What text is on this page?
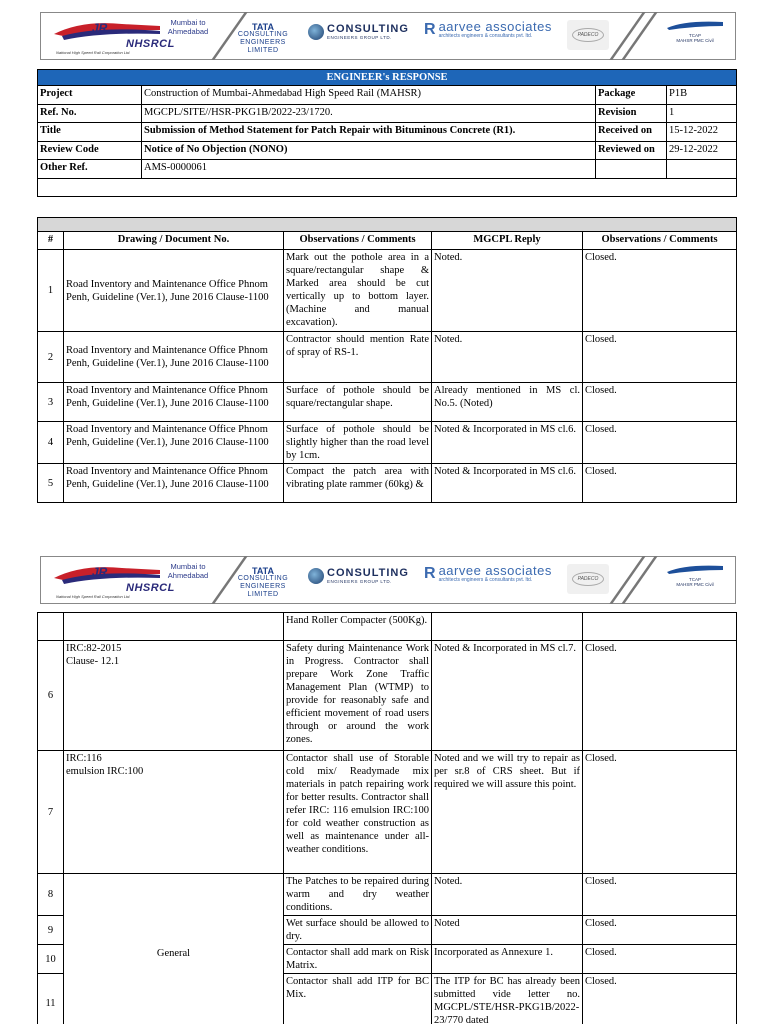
JR
NHSRCL
National High Speed Rail Corporation Ltd.
Mumbai to
Ahmedabad	TATA
CONSULTING
ENGINEERS LIMITED
CONSULTING
ENGINEERS GROUP LTD.	R aarvee associates
architects engineers & consultants pvt. ltd.	PADECO	TCAP
MAHSR PMC Civil
ENGINEER's RESPONSE			
Project	Construction of Mumbai-Ahmedabad High Speed Rail (MAHSR)	Package	P1B
Ref. No.	MGCPL/SITE//HSR-PKG1B/2022-23/1720.	Revision	1
Title	Submission of Method Statement for Patch Repair with Bituminous Concrete (R1).	Received on	15-12-2022
Review Code	Notice of No Objection (NONO)	Reviewed on	29-12-2022
Other Ref.	AMS-0000061		

#	Drawing / Document No.	Observations / Comments	MGCPL Reply	Observations / Comments
1	Road Inventory and Maintenance Office Phnom Penh, Guideline (Ver.1), June 2016 Clause-1100	Mark out the pothole area in a square/rectangular shape & Marked area should be cut vertically up to bottom layer. (Machine and manual excavation).	Noted.	Closed.
2	Road Inventory and Maintenance Office Phnom Penh, Guideline (Ver.1), June 2016 Clause-1100	Contractor should mention Rate of spray of RS-1.	Noted.	Closed.
3	Road Inventory and Maintenance Office Phnom Penh, Guideline (Ver.1), June 2016 Clause-1100	Surface of pothole should be square/rectangular shape.	Already mentioned in MS cl. No.5. (Noted)	Closed.
4	Road Inventory and Maintenance Office Phnom Penh, Guideline (Ver.1), June 2016 Clause-1100	Surface of pothole should be slightly higher than the road level by 1cm.	Noted & Incorporated in MS cl.6.	Closed.
5	Road Inventory and Maintenance Office Phnom Penh, Guideline (Ver.1), June 2016 Clause-1100	Compact the patch area with vibrating plate rammer (60kg) &	Noted & Incorporated in MS cl.6.	Closed.
JR
NHSRCL
National High Speed Rail Corporation Ltd.
Mumbai to
Ahmedabad	TATA
CONSULTING
ENGINEERS LIMITED
CONSULTING
ENGINEERS GROUP LTD.	R aarvee associates
architects engineers & consultants pvt. ltd.	PADECO	TCAP
MAHSR PMC Civil
		Hand Roller Compacter (500Kg).		
6	IRC:82-2015
Clause- 12.1	Safety during Maintenance Work in Progress. Contractor shall prepare Work Zone Traffic Management Plan (WTMP) to provide for reasonably safe and efficient movement of road users through or around the work zones.	Noted & Incorporated in MS cl.7.	Closed.
7	IRC:116
emulsion IRC:100	Contactor shall use of Storable cold mix/ Readymade mix materials in patch repairing work for better results. Contractor shall refer IRC: 116 emulsion IRC:100 for cold weather construction as well as maintenance under all-weather conditions.	Noted and we will try to repair as per sr.8 of CRS sheet. But if required we will assure this point.	Closed.
8	General	The Patches to be repaired during warm and dry weather conditions.	Noted.	Closed.
9		Wet surface should be allowed to dry.	Noted	Closed.
10		Contactor shall add mark on Risk Matrix.	Incorporated as Annexure 1.	Closed.
11		Contactor shall add ITP for BC Mix.	The ITP for BC has already been submitted vide letter no. MGCPL/STE/HSR-PKG1B/2022-23/770 dated	Closed.
